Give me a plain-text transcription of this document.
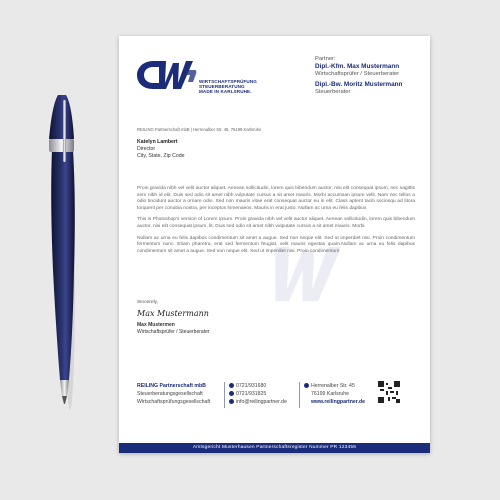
WIRTSCHAFTSPRÜFUNG
STEUERBERATUNG
MADE IN KARLSRUHE.
Partner:
Dipl.-Kfm. Max Mustermann
Wirtschaftsprüfer / Steuerberater
Dipl.-Bw. Moritz Mustermann
Steuerberater
REILING Partnerschaft mbB | Herrenalber Str. 45, 76199 Karlsruhe
Katelyn Lambert
Director
City, State, Zip Code

Proin gravida nibh vel velit auctor aliquet. Aenean sollicitudin, lorem quis bibendum auctor, nisi elit consequat ipsum, nec sagittis sem nibh id elit. Duis sed odio sit amet nibh vulputate cursus a sit amet mauris. Morbi accumsan ipsum velit. Nam nec tellus a odio tincidunt auctor a ornare odio. Sed non mauris vitae erat consequat auctor eu in elit. Class aptent taciti sociosqu ad litora torquent per conubia nostra, per inceptos himenaeos. Mauris in erat justo. Nullam ac urna eu felis dapibus

This is Photoshop's version of Lorem Ipsum. Proin gravida nibh vel velit auctor aliquet. Aenean sollicitudin, lorem quis bibendum auctor, nisi elit consequat ipsum, lit. Duis sed odio sit amet nibh vulputate cursus a sit amet mauris. Morbi

Nullam ac urna eu felis dapibus condimentum sit amet a augue. Sed non neque elit. Sed ut imperdiet nisi. Proin condimentum fermentum nunc. Etiam pharetra, erat sed fermentum feugiat, velit mauris egestas quam.Nullam ac urna eu felis dapibus condimentum sit amet a augue. Sed non neque elit. Sed ut imperdiet nisi. Proin condimentum

Sincerely,
Max Mustermann
Max Mustermen
Wirtschaftsprüfer / Steuerberater
REILING Partnerschaft mbB
Steuerberatungsgesellschaft
Wirtschaftsprüfungsgesellschaft
0721/931680
0721/931825
info@reilingpartner.de
Herrenalber Str. 45
76199 Karlsruhe
www.reilingpartner.de
Amtsgericht Musterhausen Partnerschaftsregister Nummer PR 123456
